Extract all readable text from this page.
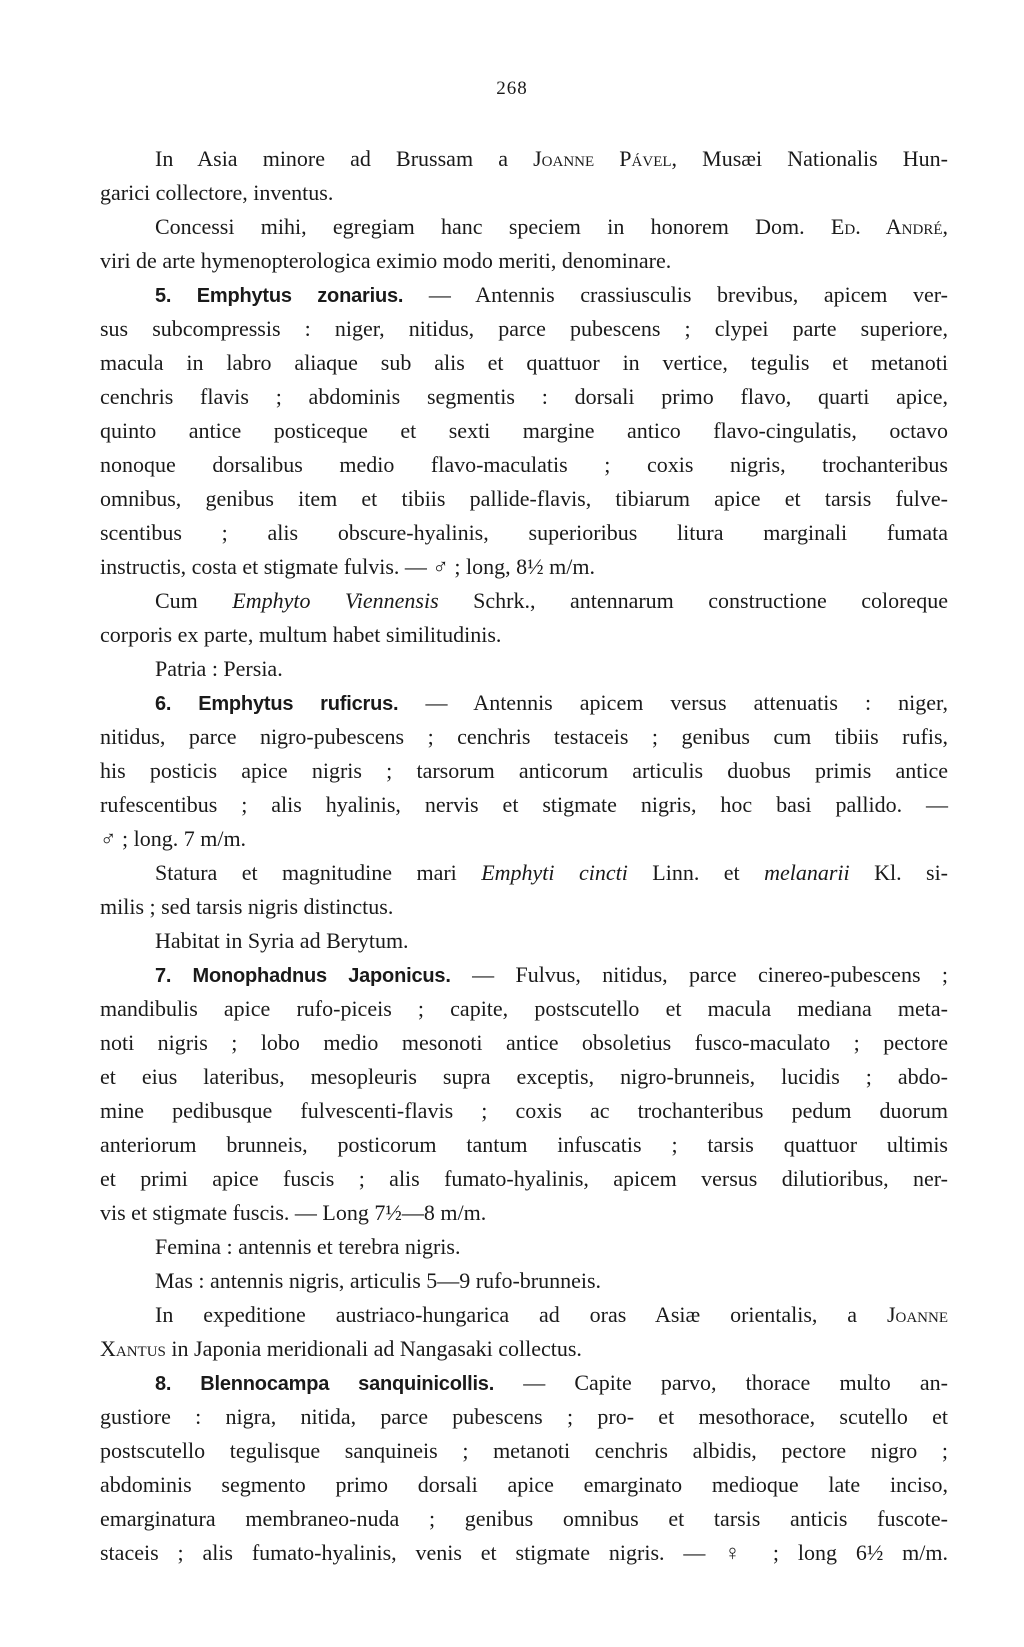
268
In Asia minore ad Brussam a Joanne Pável, Musæi Nationalis Hun-
garici collectore, inventus.
Concessi mihi, egregiam hanc speciem in honorem Dom. Ed. André,
viri de arte hymenopterologica eximio modo meriti, denominare.
5. Emphytus zonarius. — Antennis crassiusculis brevibus, apicem ver-
sus subcompressis : niger, nitidus, parce pubescens ; clypei parte superiore,
macula in labro aliaque sub alis et quattuor in vertice, tegulis et metanoti
cenchris flavis ; abdominis segmentis : dorsali primo flavo, quarti apice,
quinto antice posticeque et sexti margine antico flavo-cingulatis, octavo
nonoque dorsalibus medio flavo-maculatis ; coxis nigris, trochanteribus
omnibus, genibus item et tibiis pallide-flavis, tibiarum apice et tarsis fulve-
scentibus ; alis obscure-hyalinis, superioribus litura marginali fumata
instructis, costa et stigmate fulvis. — ♂ ; long, 8½ m/m.
Cum Emphyto Viennensis Schrk., antennarum constructione coloreque
corporis ex parte, multum habet similitudinis.
Patria : Persia.
6. Emphytus ruficrus. — Antennis apicem versus attenuatis : niger,
nitidus, parce nigro-pubescens ; cenchris testaceis ; genibus cum tibiis rufis,
his posticis apice nigris ; tarsorum anticorum articulis duobus primis antice
rufescentibus ; alis hyalinis, nervis et stigmate nigris, hoc basi pallido. —
♂ ; long. 7 m/m.
Statura et magnitudine mari Emphyti cincti Linn. et melanarii Kl. si-
milis ; sed tarsis nigris distinctus.
Habitat in Syria ad Berytum.
7. Monophadnus Japonicus. — Fulvus, nitidus, parce cinereo-pubescens ;
mandibulis apice rufo-piceis ; capite, postscutello et macula mediana meta-
noti nigris ; lobo medio mesonoti antice obsoletius fusco-maculato ; pectore
et eius lateribus, mesopleuris supra exceptis, nigro-brunneis, lucidis ; abdo-
mine pedibusque fulvescenti-flavis ; coxis ac trochanteribus pedum duorum
anteriorum brunneis, posticorum tantum infuscatis ; tarsis quattuor ultimis
et primi apice fuscis ; alis fumato-hyalinis, apicem versus dilutioribus, ner-
vis et stigmate fuscis. — Long 7½—8 m/m.
Femina : antennis et terebra nigris.
Mas : antennis nigris, articulis 5—9 rufo-brunneis.
In expeditione austriaco-hungarica ad oras Asiæ orientalis, a Joanne
Xantus in Japonia meridionali ad Nangasaki collectus.
8. Blennocampa sanquinicollis. — Capite parvo, thorace multo an-
gustiore : nigra, nitida, parce pubescens ; pro- et mesothorace, scutello et
postscutello tegulisque sanquineis ; metanoti cenchris albidis, pectore nigro ;
abdominis segmento primo dorsali apice emarginato medioque late inciso,
emarginatura membraneo-nuda ; genibus omnibus et tarsis anticis fuscote-
staceis ; alis fumato-hyalinis, venis et stigmate nigris. — ♀ ; long 6½ m/m.
